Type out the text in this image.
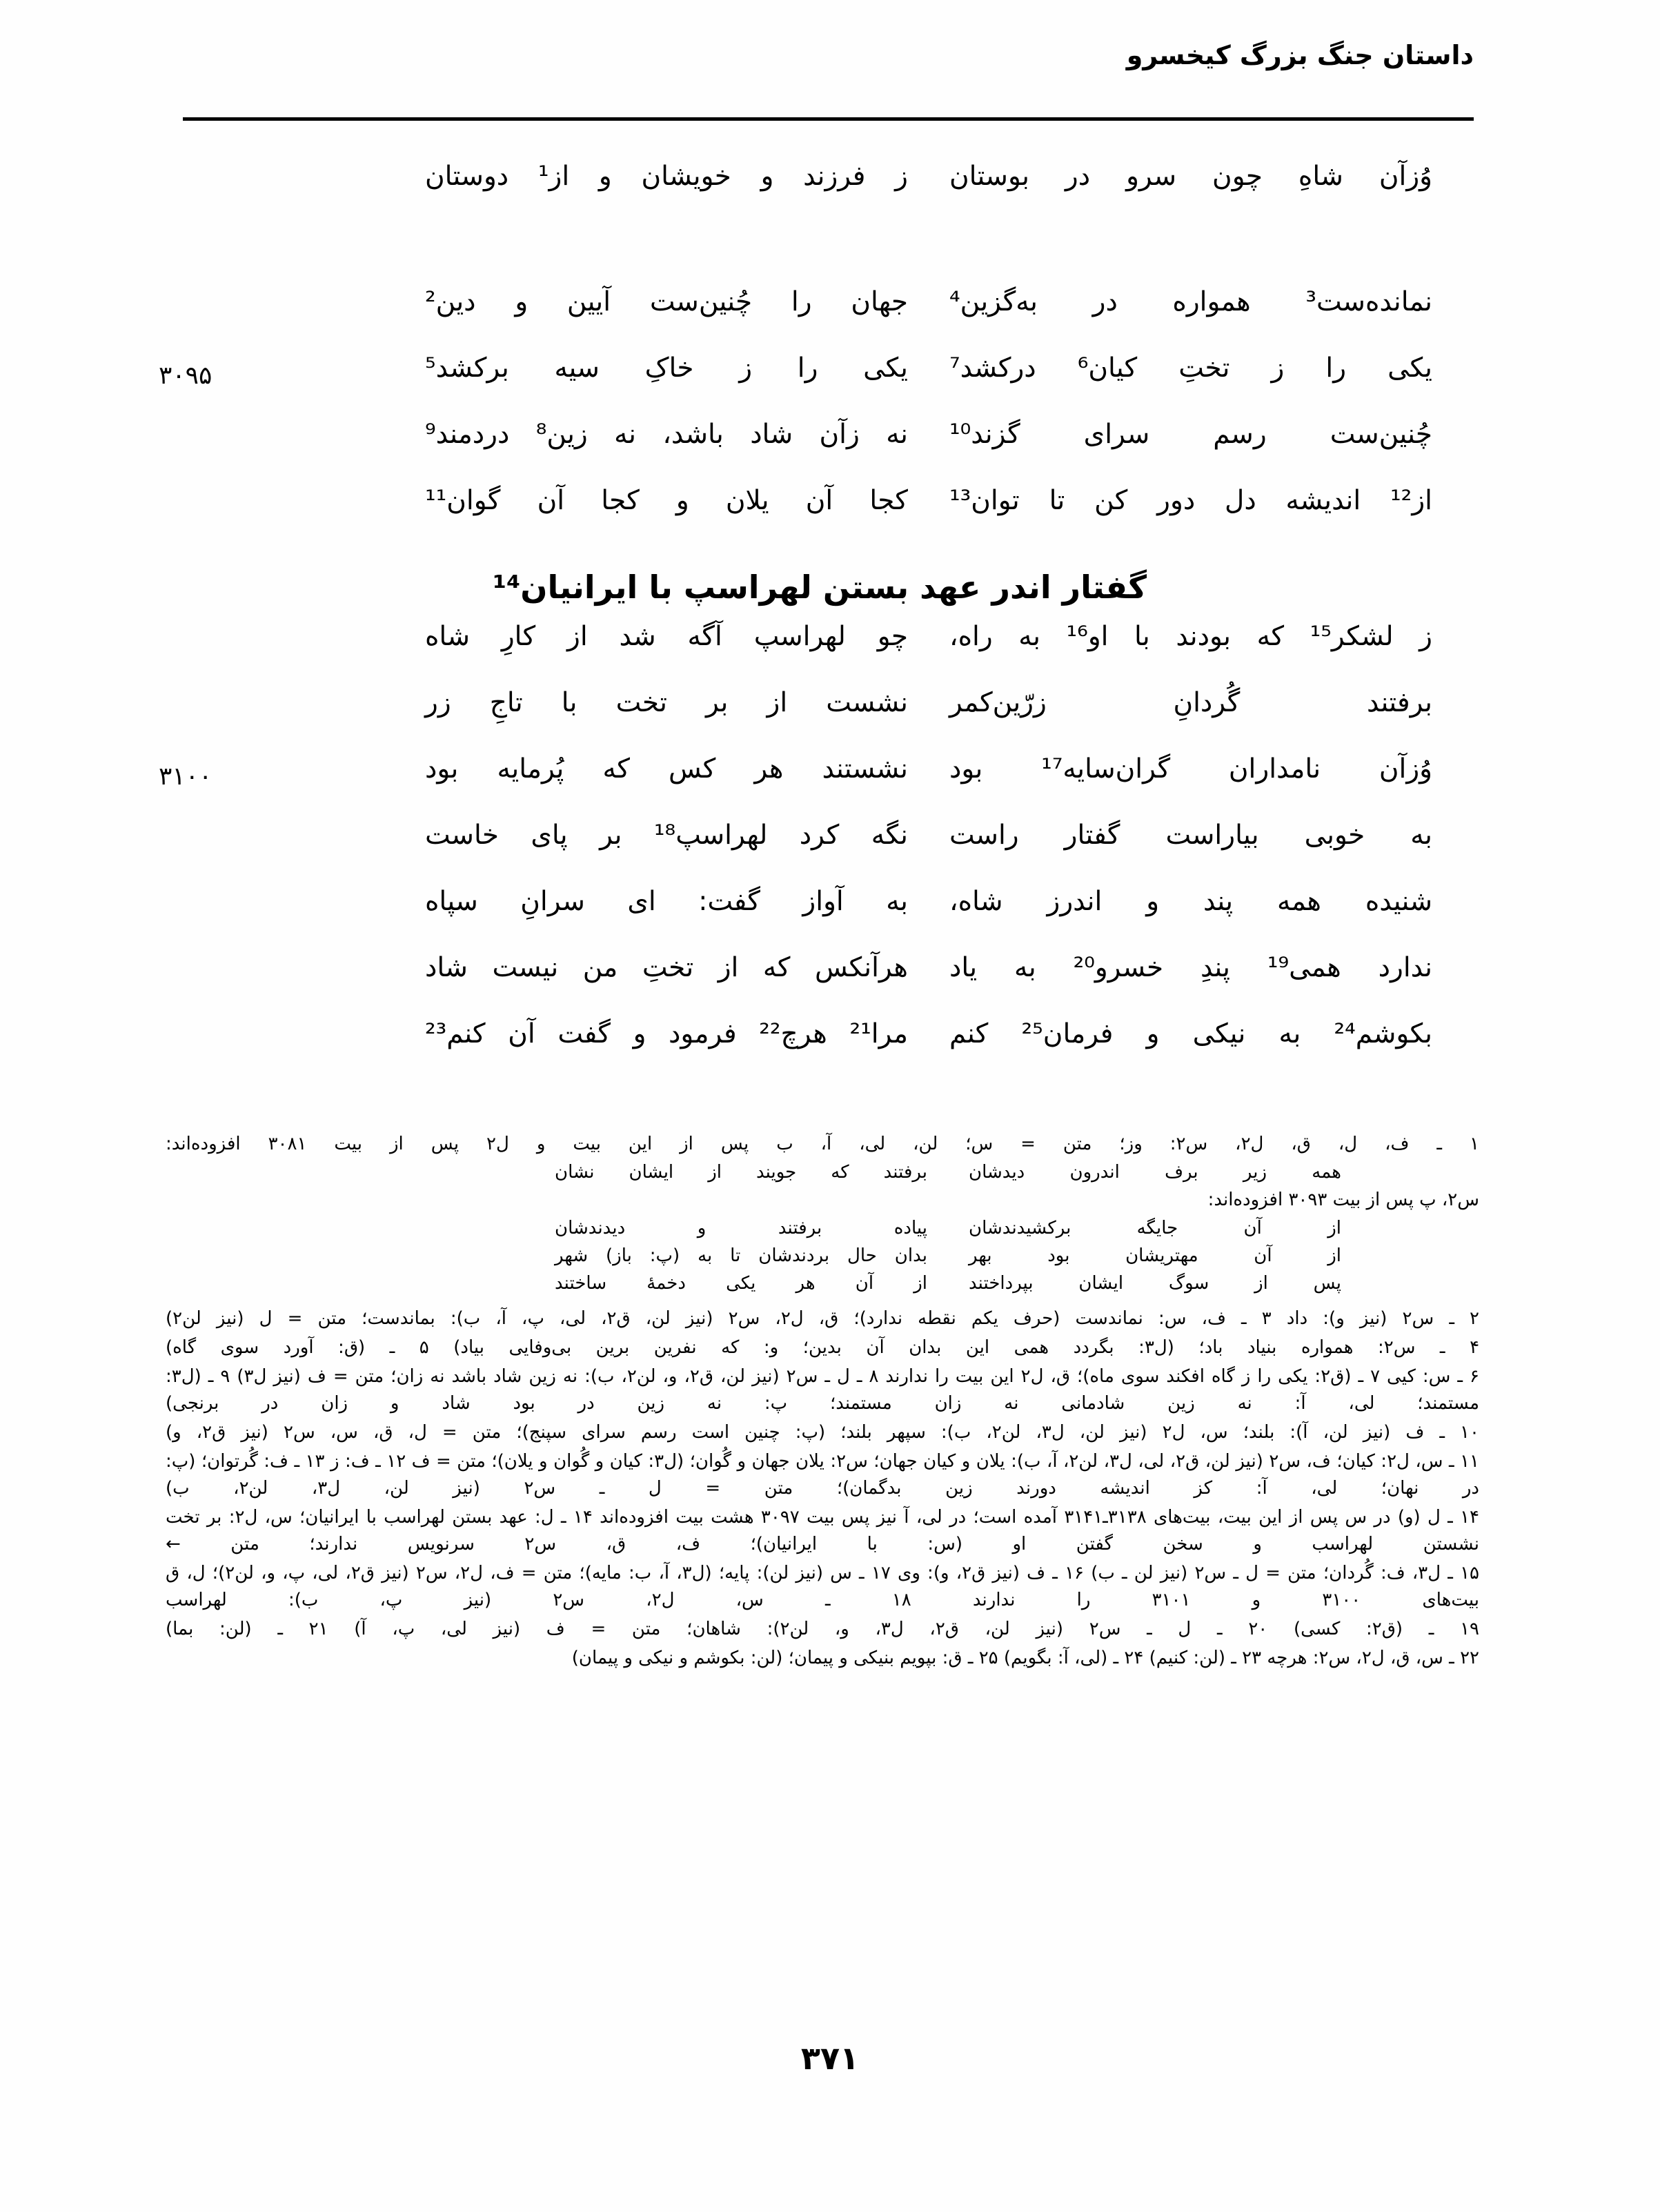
داستان جنگ بزرگ کیخسرو
وُزآن شاهِ چون سرو در بوستان
ز فرزند و خویشان و از¹ دوستان
نمانده‌ست³ همواره در به‌گزین⁴
جهان را چُنین‌ست آیین و دین²
یکی را ز تختِ کیان⁶ درکشد⁷
یکی را ز خاکِ سیه برکشد⁵
۳۰۹۵
چُنین‌ست رسم سرای گزند¹⁰
نه زآن شاد باشد، نه زین⁸ دردمند⁹
از¹² اندیشه دل دور کن تا توان¹³
کجا آن یلان و کجا آن گوان¹¹
گفتار اندر عهد بستن لهراسپ با ایرانیان¹⁴
ز لشکر¹⁵ که بودند با او¹⁶ به راه،
چو لهراسپ آگه شد از کارِ شاه
برفتند گُردانِ زرّین‌کمر
نشست از بر تخت با تاجِ زر
وُزآن نامداران گران‌سایه¹⁷ بود
نشستند هر کس که پُرمایه بود
۳۱۰۰
به خوبی بیاراست گفتار راست
نگه کرد لهراسپ¹⁸ بر پای خاست
شنیده همه پند و اندرز شاه،
به آواز گفت: ای سرانِ سپاه
ندارد همی¹⁹ پندِ خسرو²⁰ به یاد
هرآنکس که از تختِ من نیست شاد
بکوشم²⁴ به نیکی و فرمان²⁵ کنم
مرا²¹ هرچ²² فرمود و گفت آن کنم²³

۱ ـ ف، ل، ق، ل٢، س٢: وز؛ متن = س؛ لن، لی، آ، ب پس از این بیت و ل٢ پس از بیت ۳۰۸۱ افزوده‌اند:

همه زیر برف اندرون دیدشان
برفتند که جویند از ایشان نشان

س٢، پ پس از بیت ۳۰۹۳ افزوده‌اند:

از آن جایگه برکشیدندشان
پیاده برفتند و دیدندشان
از آن مهتریشان بود بهر
بدان حال بردندشان تا به (پ: باز) شهر
پس از سوگ ایشان بپرداختند
از آن هر یکی دخمهٔ ساختند

۲ ـ س٢ (نیز و): داد ۳ ـ ف، س: نماندست (حرف یکم نقطه ندارد)؛ ق، ل٢، س٢ (نیز لن، ق٢، لی، پ، آ، ب): بماندست؛ متن = ل (نیز لن٢)

۴ ـ س٢: همواره بنیاد باد؛ (ل٣: بگردد همی این بدان آن بدین؛ و: که نفرین برین بی‌وفایی بیاد) ۵ ـ (ق: آورد سوی گاه)

۶ ـ س: کیی ۷ ـ (ق٢: یکی را ز گاه افکند سوی ماه)؛ ق، ل٢ این بیت را ندارند ۸ ـ ل ـ س٢ (نیز لن، ق٢، و، لن٢، ب): نه زین شاد باشد نه زان؛ متن = ف (نیز ل٣) ۹ ـ (ل٣: مستمند؛ لی، آ: نه زین شادمانی نه زان مستمند؛ پ: نه زین در بود شاد و زان در برنجی)

۱۰ ـ ف (نیز لن، آ): بلند؛ س، ل٢ (نیز لن، ل٣، لن٢، ب): سپهر بلند؛ (پ: چنین است رسم سرای سپنج)؛ متن = ل، ق، س، س٢ (نیز ق٢، و)

۱۱ ـ س، ل٢: کیان؛ ف، س٢ (نیز لن، ق٢، لی، ل٣، لن٢، آ، ب): یلان و کیان جهان؛ س٢: یلان جهان و گُوان؛ (ل٣: کیان و گُوان و یلان)؛ متن = ف ۱۲ ـ ف: ز ۱۳ ـ ف: گُرتوان؛ (پ: در نهان؛ لی، آ: کز اندیشه دورند زین بدگمان)؛ متن = ل ـ س٢ (نیز لن، ل٣، لن٢، ب)

۱۴ ـ ل (و) در س پس از این بیت، بیت‌های ۳۱۳۸ـ۳۱۴۱ آمده است؛ در لی، آ نیز پس بیت ۳۰۹۷ هشت بیت افزوده‌اند ۱۴ ـ ل: عهد بستن لهراسب با ایرانیان؛ س، ل٢: بر تخت نشستن لهراسب و سخن گفتن او (س: با ایرانیان)؛ ف، ق، س٢ سرنویس ندارند؛ متن ←

۱۵ ـ ل٣، ف: گُردان؛ متن = ل ـ س٢ (نیز لن ـ ب) ۱۶ ـ ف (نیز ق٢، و): وی ۱۷ ـ س (نیز لن): پایه؛ (ل٣، آ، ب: مایه)؛ متن = ف، ل٢، س٢ (نیز ق٢، لی، پ، و، لن٢)؛ ل، ق بیت‌های ۳۱۰۰ و ۳۱۰۱ را ندارند ۱۸ ـ س، ل٢، س٢ (نیز پ، ب): لهراسب

۱۹ ـ (ق٢: کسی) ۲۰ ـ ل ـ س٢ (نیز لن، ق٢، ل٣، و، لن٢): شاهان؛ متن = ف (نیز لی، پ، آ) ۲۱ ـ (لن: بما)

۲۲ ـ س، ق، ل٢، س٢: هرچه ۲۳ ـ (لن: کنیم) ۲۴ ـ (لی، آ: بگویم) ۲۵ ـ ق: بپویم بنیکی و پیمان؛ (لن: بکوشم و نیکی و پیمان)

۳۷۱
